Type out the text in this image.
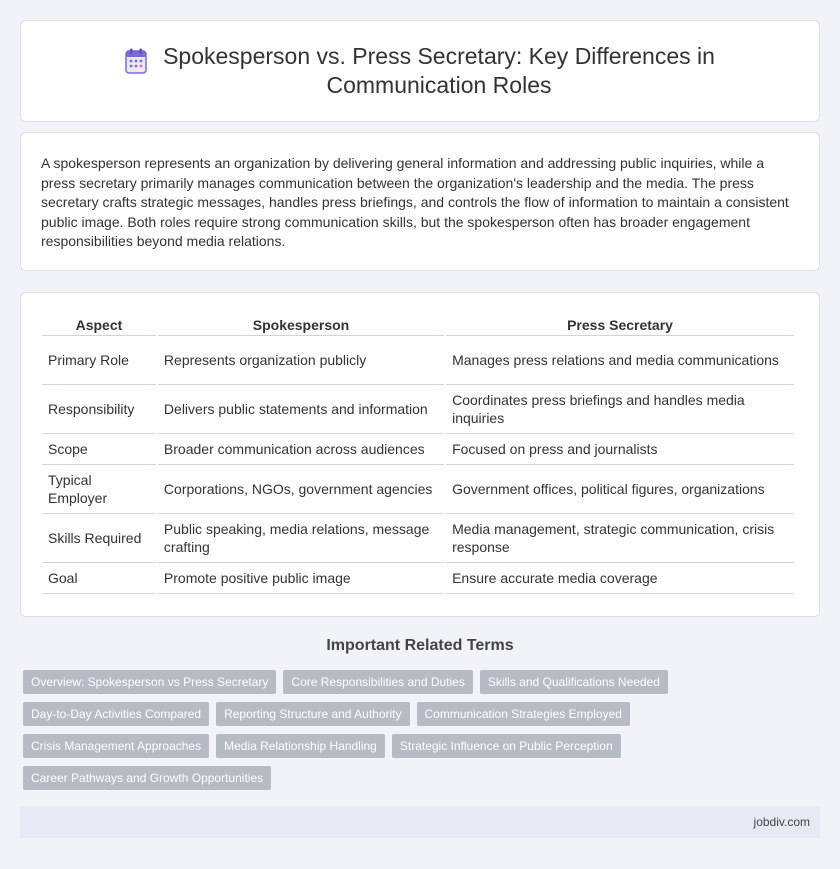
Spokesperson vs. Press Secretary: Key Differences in
Communication Roles

A spokesperson represents an organization by delivering general information and addressing public inquiries, while a press secretary primarily manages communication between the organization's leadership and the media. The press secretary crafts strategic messages, handles press briefings, and controls the flow of information to maintain a consistent public image. Both roles require strong communication skills, but the spokesperson often has broader engagement responsibilities beyond media relations.

Aspect	Spokesperson	Press Secretary
Primary Role	Represents organization publicly	Manages press relations and media communications
Responsibility	Delivers public statements and information	Coordinates press briefings and handles media inquiries
Scope	Broader communication across audiences	Focused on press and journalists
Typical Employer	Corporations, NGOs, government agencies	Government offices, political figures, organizations
Skills Required	Public speaking, media relations, message crafting	Media management, strategic communication, crisis response
Goal	Promote positive public image	Ensure accurate media coverage
Important Related Terms
Overview: Spokesperson vs Press Secretary	Core Responsibilities and Duties	Skills and Qualifications Needed
Day-to-Day Activities Compared	Reporting Structure and Authority	Communication Strategies Employed
Crisis Management Approaches	Media Relationship Handling	Strategic Influence on Public Perception
Career Pathways and Growth Opportunities
jobdiv.com
